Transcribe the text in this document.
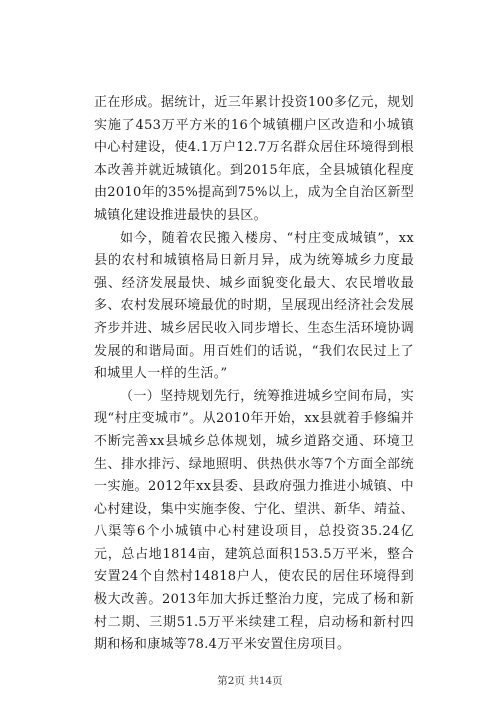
正在形成。据统计，近三年累计投资100多亿元，规划实施了453万平方米的16个城镇棚户区改造和小城镇中心村建设，使4.1万户12.7万名群众居住环境得到根本改善并就近城镇化。到2015年底，全县城镇化程度由2010年的35%提高到75%以上，成为全自治区新型城镇化建设推进最快的县区。

如今，随着农民搬入楼房、“村庄变成城镇”，xx县的农村和城镇格局日新月异，成为统筹城乡力度最强、经济发展最快、城乡面貌变化最大、农民增收最多、农村发展环境最优的时期，呈展现出经济社会发展齐步并进、城乡居民收入同步增长、生态生活环境协调发展的和谐局面。用百姓们的话说，“我们农民过上了和城里人一样的生活。”

（一）坚持规划先行，统筹推进城乡空间布局，实现“村庄变城市”。从2010年开始，xx县就着手修编并不断完善xx县城乡总体规划，城乡道路交通、环境卫生、排水排污、绿地照明、供热供水等7个方面全部统一实施。2012年xx县委、县政府强力推进小城镇、中心村建设，集中实施李俊、宁化、望洪、新华、靖益、八渠等6个小城镇中心村建设项目，总投资35.24亿元，总占地1814亩，建筑总面积153.5万平米，整合安置24个自然村14818户人，使农民的居住环境得到极大改善。2013年加大拆迁整治力度，完成了杨和新村二期、三期51.5万平米续建工程，启动杨和新村四期和杨和康城等78.4万平米安置住房项目。

第2页 共14页
